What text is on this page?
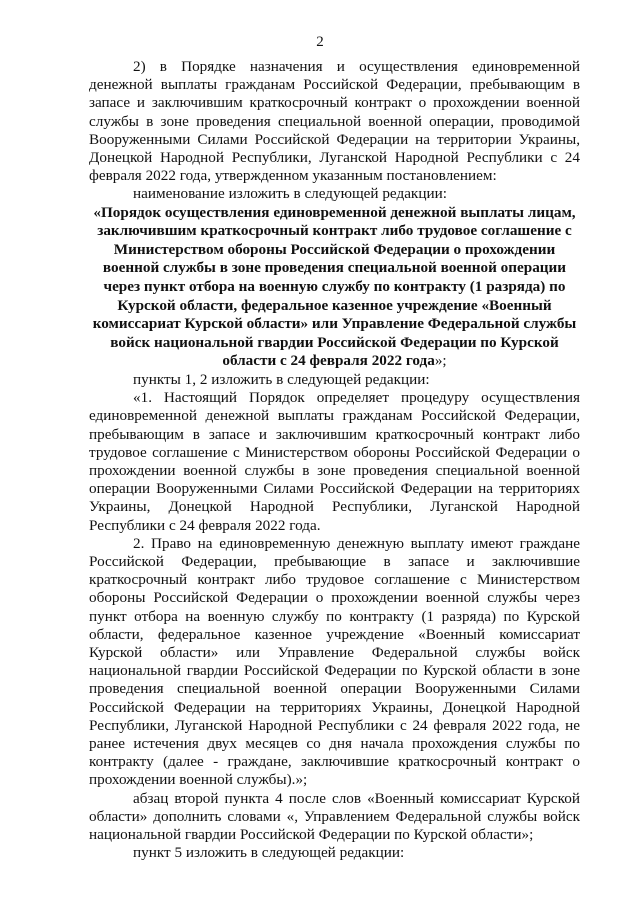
2

2) в Порядке назначения и осуществления единовременной денежной выплаты гражданам Российской Федерации, пребывающим в запасе и заключившим краткосрочный контракт о прохождении военной службы в зоне проведения специальной военной операции, проводимой Вооруженными Силами Российской Федерации на территории Украины, Донецкой Народной Республики, Луганской Народной Республики с 24 февраля 2022 года, утвержденном указанным постановлением:

наименование изложить в следующей редакции:

«Порядок осуществления единовременной денежной выплаты лицам, заключившим краткосрочный контракт либо трудовое соглашение с Министерством обороны Российской Федерации о прохождении военной службы в зоне проведения специальной военной операции через пункт отбора на военную службу по контракту (1 разряда) по Курской области, федеральное казенное учреждение «Военный комиссариат Курской области» или Управление Федеральной службы войск национальной гвардии Российской Федерации по Курской области с 24 февраля 2022 года»;

пункты 1, 2 изложить в следующей редакции:

«1. Настоящий Порядок определяет процедуру осуществления единовременной денежной выплаты гражданам Российской Федерации, пребывающим в запасе и заключившим краткосрочный контракт либо трудовое соглашение с Министерством обороны Российской Федерации о прохождении военной службы в зоне проведения специальной военной операции Вооруженными Силами Российской Федерации на территориях Украины, Донецкой Народной Республики, Луганской Народной Республики с 24 февраля 2022 года.

2. Право на единовременную денежную выплату имеют граждане Российской Федерации, пребывающие в запасе и заключившие краткосрочный контракт либо трудовое соглашение с Министерством обороны Российской Федерации о прохождении военной службы через пункт отбора на военную службу по контракту (1 разряда) по Курской области, федеральное казенное учреждение «Военный комиссариат Курской области» или Управление Федеральной службы войск национальной гвардии Российской Федерации по Курской области в зоне проведения специальной военной операции Вооруженными Силами Российской Федерации на территориях Украины, Донецкой Народной Республики, Луганской Народной Республики с 24 февраля 2022 года, не ранее истечения двух месяцев со дня начала прохождения службы по контракту (далее - граждане, заключившие краткосрочный контракт о прохождении военной службы).»;

абзац второй пункта 4 после слов «Военный комиссариат Курской области» дополнить словами «, Управлением Федеральной службы войск национальной гвардии Российской Федерации по Курской области»;

пункт 5 изложить в следующей редакции:
